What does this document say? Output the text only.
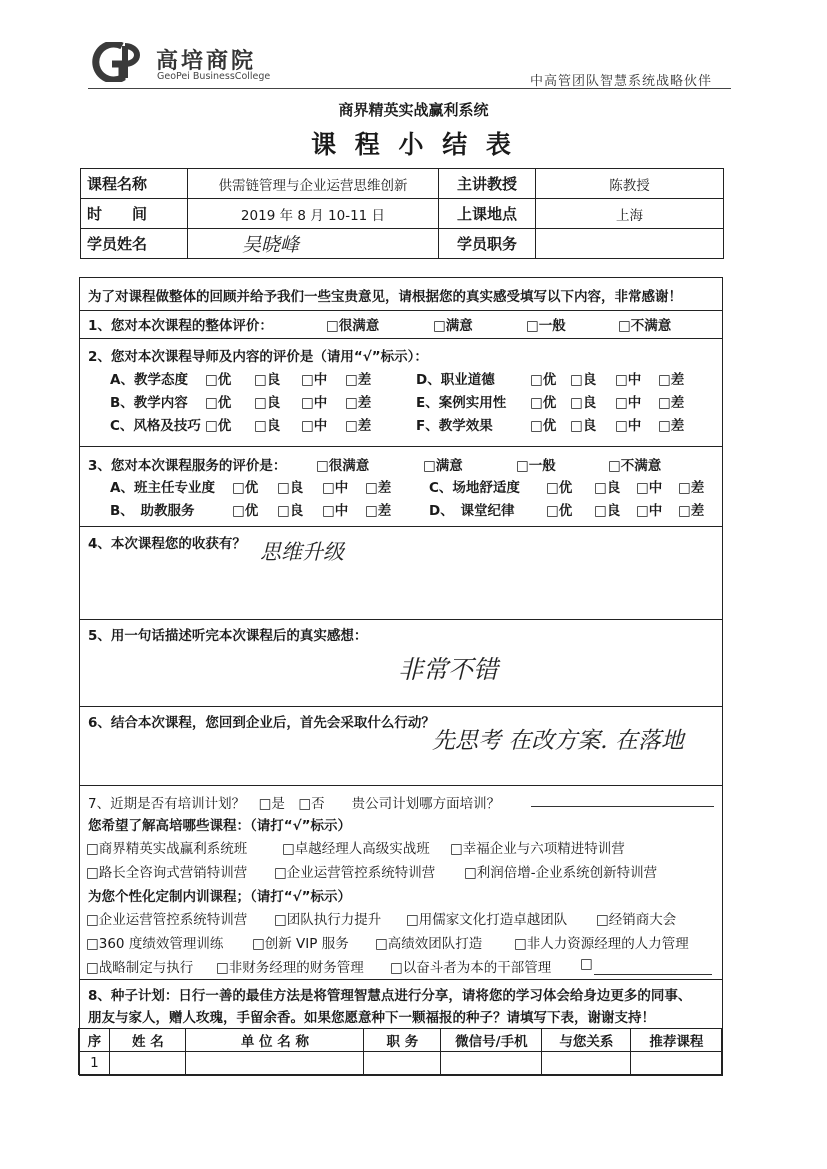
高培商院
GeoPei BusinessCollege	中高管团队智慧系统战略伙伴
商界精英实战赢利系统
课 程 小 结 表
课程名称	供需链管理与企业运营思维创新	主讲教授	陈教授
时　　间	2019 年 8 月 10-11 日	上课地点	上海
学员姓名	吴晓峰	学员职务	
为了对课程做整体的回顾并给予我们一些宝贵意见，请根据您的真实感受填写以下内容，非常感谢！
1、您对本次课程的整体评价：	□很满意	□满意	□一般	□不满意
2、您对本次课程导师及内容的评价是（请用“√”标示）：
A、教学态度 □优 □良 □中 □差	D、职业道德	□优 □良 □中 □差
B、教学内容 □优 □良 □中 □差	E、案例实用性 □优 □良 □中 □差
C、风格及技巧 □优 □良 □中 □差	F、教学效果	□优 □良 □中 □差
3、您对本次课程服务的评价是： □很满意	□满意	□一般	□不满意
A、班主任专业度 □优 □良 □中 □差	C、场地舒适度 □优 □良 □中 □差
B、　助教服务	□优 □良 □中 □差	D、　课堂纪律 □优 □良 □中 □差
4、本次课程您的收获有？ 思维升级
5、用一句话描述听完本次课程后的真实感想：
非常不错
6、结合本次课程，您回到企业后，首先会采取什么行动？
先思考 在改方案. 在落地
7、近期是否有培训计划？　□是　□否　　贵公司计划哪方面培训？
您希望了解高培哪些课程：（请打“√”标示）
□商界精英实战赢利系统班	□卓越经理人高级实战班 □幸福企业与六项精进特训营
□路长全咨询式营销特训营 □企业运营管控系统特训营 □利润倍增-企业系统创新特训营
为您个性化定制内训课程；（请打“√”标示）
□企业运营管控系统特训营 □团队执行力提升 □用儒家文化打造卓越团队 □经销商大会
□360 度绩效管理训练 □创新 VIP 服务 □高绩效团队打造 □非人力资源经理的人力管理
□战略制定与执行 □非财务经理的财务管理 □以奋斗者为本的干部管理 □
8、种子计划：日行一善的最佳方法是将管理智慧点进行分享，请将您的学习体会给身边更多的同事、
朋友与家人，赠人玫瑰，手留余香。如果您愿意种下一颗福报的种子？请填写下表，谢谢支持！
序	姓 名	单 位 名 称	职 务	微信号/手机	与您关系	推荐课程
1						
